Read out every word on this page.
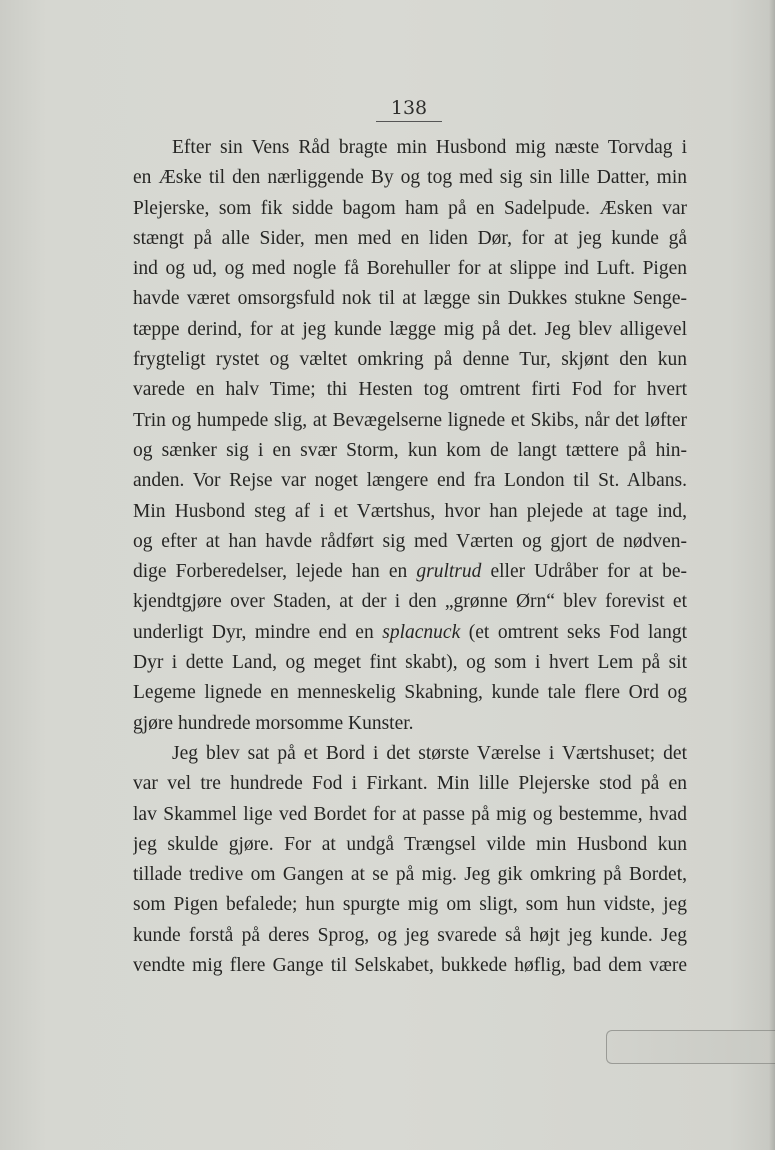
138
Efter sin Vens Råd bragte min Husbond mig næste Torvdag i
en Æske til den nærliggende By og tog med sig sin lille Datter, min
Plejerske, som fik sidde bagom ham på en Sadelpude. Æsken var
stængt på alle Sider, men med en liden Dør, for at jeg kunde gå
ind og ud, og med nogle få Borehuller for at slippe ind Luft. Pigen
havde været omsorgsfuld nok til at lægge sin Dukkes stukne Senge-
tæppe derind, for at jeg kunde lægge mig på det. Jeg blev alligevel
frygteligt rystet og væltet omkring på denne Tur, skjønt den kun
varede en halv Time; thi Hesten tog omtrent firti Fod for hvert
Trin og humpede slig, at Bevægelserne lignede et Skibs, når det løfter
og sænker sig i en svær Storm, kun kom de langt tættere på hin-
anden. Vor Rejse var noget længere end fra London til St. Albans.
Min Husbond steg af i et Værtshus, hvor han plejede at tage ind,
og efter at han havde rådført sig med Værten og gjort de nødven-
dige Forberedelser, lejede han en grultrud eller Udråber for at be-
kjendtgjøre over Staden, at der i den „grønne Ørn“ blev forevist et
underligt Dyr, mindre end en splacnuck (et omtrent seks Fod langt
Dyr i dette Land, og meget fint skabt), og som i hvert Lem på sit
Legeme lignede en menneskelig Skabning, kunde tale flere Ord og
gjøre hundrede morsomme Kunster.
Jeg blev sat på et Bord i det største Værelse i Værtshuset; det
var vel tre hundrede Fod i Firkant. Min lille Plejerske stod på en
lav Skammel lige ved Bordet for at passe på mig og bestemme, hvad
jeg skulde gjøre. For at undgå Trængsel vilde min Husbond kun
tillade tredive om Gangen at se på mig. Jeg gik omkring på Bordet,
som Pigen befalede; hun spurgte mig om sligt, som hun vidste, jeg
kunde forstå på deres Sprog, og jeg svarede så højt jeg kunde. Jeg
vendte mig flere Gange til Selskabet, bukkede høflig, bad dem være
